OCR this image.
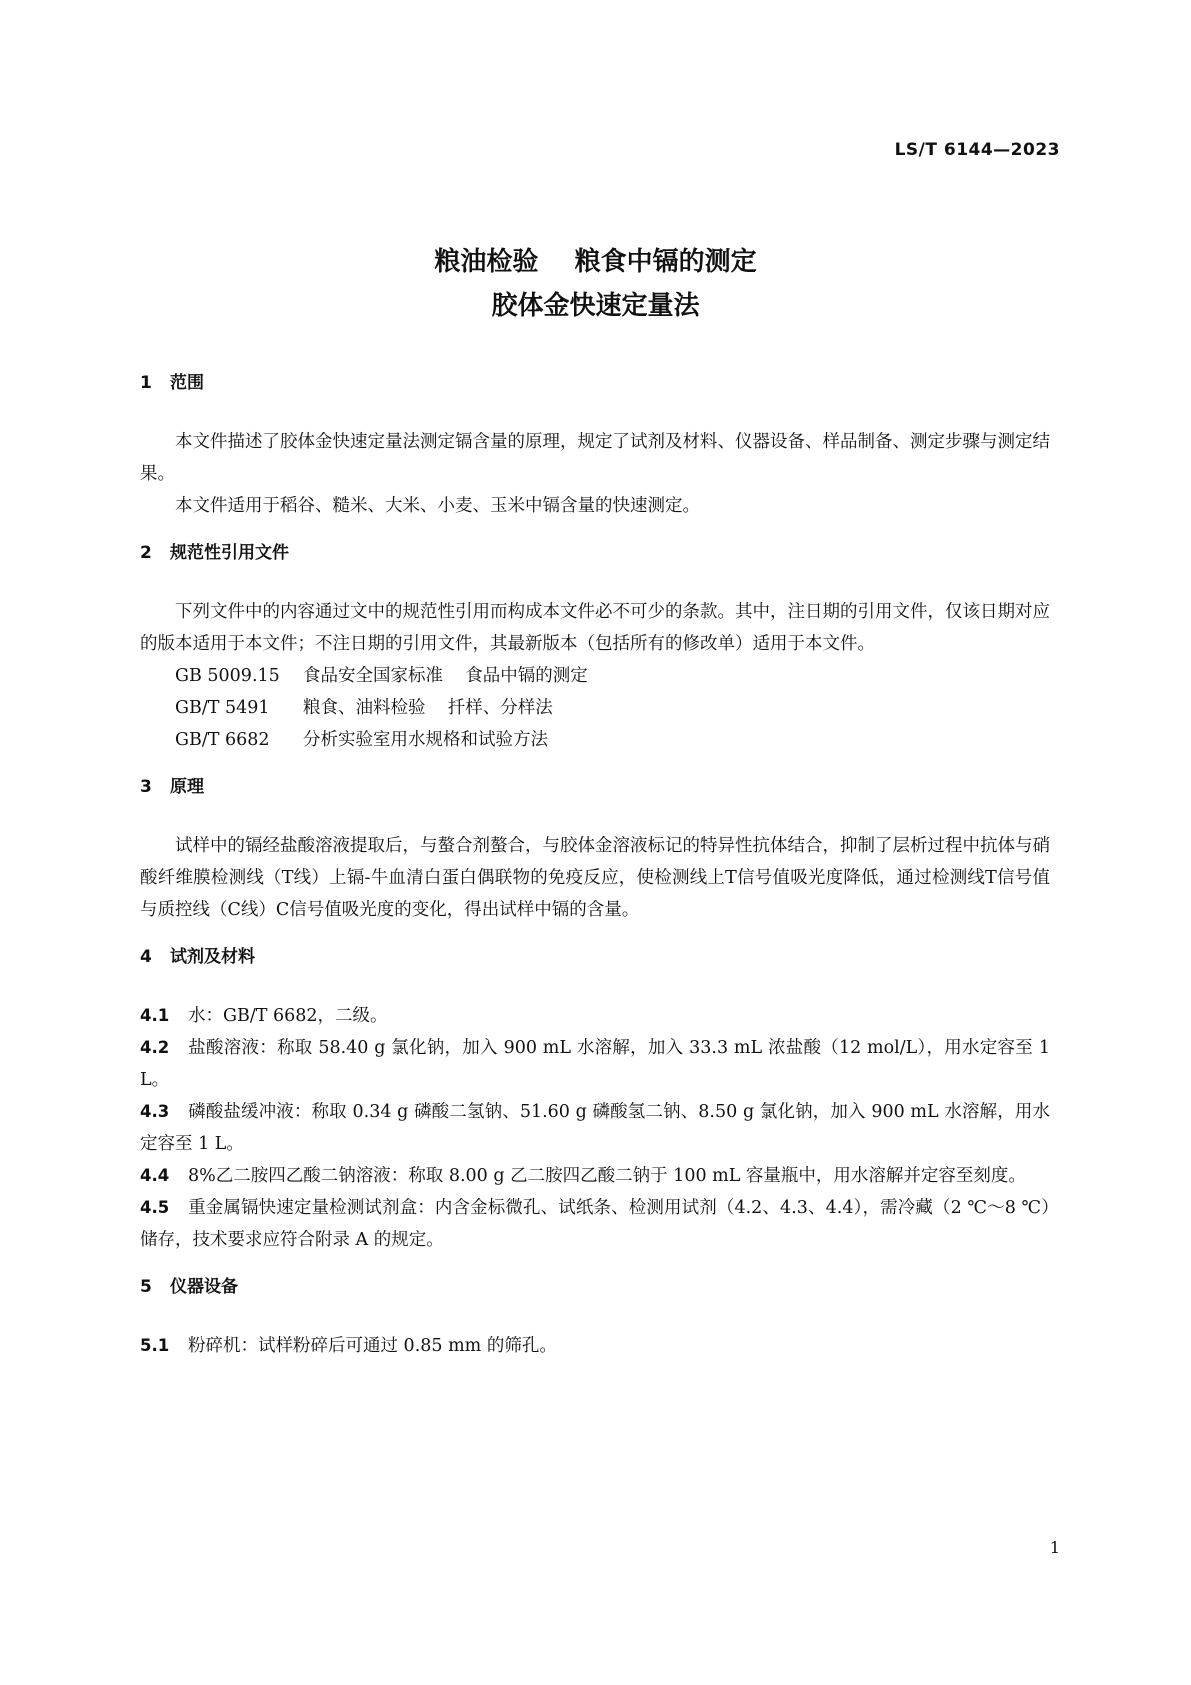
LS/T 6144—2023
粮油检验    粮食中镉的测定
胶体金快速定量法
1	范围

本文件描述了胶体金快速定量法测定镉含量的原理，规定了试剂及材料、仪器设备、样品制备、测定步骤与测定结果。

本文件适用于稻谷、糙米、大米、小麦、玉米中镉含量的快速测定。

2	规范性引用文件

下列文件中的内容通过文中的规范性引用而构成本文件必不可少的条款。其中，注日期的引用文件，仅该日期对应的版本适用于本文件；不注日期的引用文件，其最新版本（包括所有的修改单）适用于本文件。

GB 5009.15	食品安全国家标准    食品中镉的测定
GB/T 5491	粮食、油料检验    扦样、分样法
GB/T 6682	分析实验室用水规格和试验方法
3	原理

试样中的镉经盐酸溶液提取后，与螯合剂螯合，与胶体金溶液标记的特异性抗体结合，抑制了层析过程中抗体与硝酸纤维膜检测线（T线）上镉-牛血清白蛋白偶联物的免疫反应，使检测线上T信号值吸光度降低，通过检测线T信号值与质控线（C线）C信号值吸光度的变化，得出试样中镉的含量。

4	试剂及材料

4.1 水：GB/T 6682，二级。

4.2 盐酸溶液：称取 58.40 g 氯化钠，加入 900 mL 水溶解，加入 33.3 mL 浓盐酸（12 mol/L），用水定容至 1 L。

4.3 磷酸盐缓冲液：称取 0.34 g 磷酸二氢钠、51.60 g 磷酸氢二钠、8.50 g 氯化钠，加入 900 mL 水溶解，用水定容至 1 L。

4.4 8%乙二胺四乙酸二钠溶液：称取 8.00 g 乙二胺四乙酸二钠于 100 mL 容量瓶中，用水溶解并定容至刻度。

4.5 重金属镉快速定量检测试剂盒：内含金标微孔、试纸条、检测用试剂（4.2、4.3、4.4），需冷藏（2 ℃～8 ℃）储存，技术要求应符合附录 A 的规定。

5	仪器设备

5.1 粉碎机：试样粉碎后可通过 0.85 mm 的筛孔。

1
